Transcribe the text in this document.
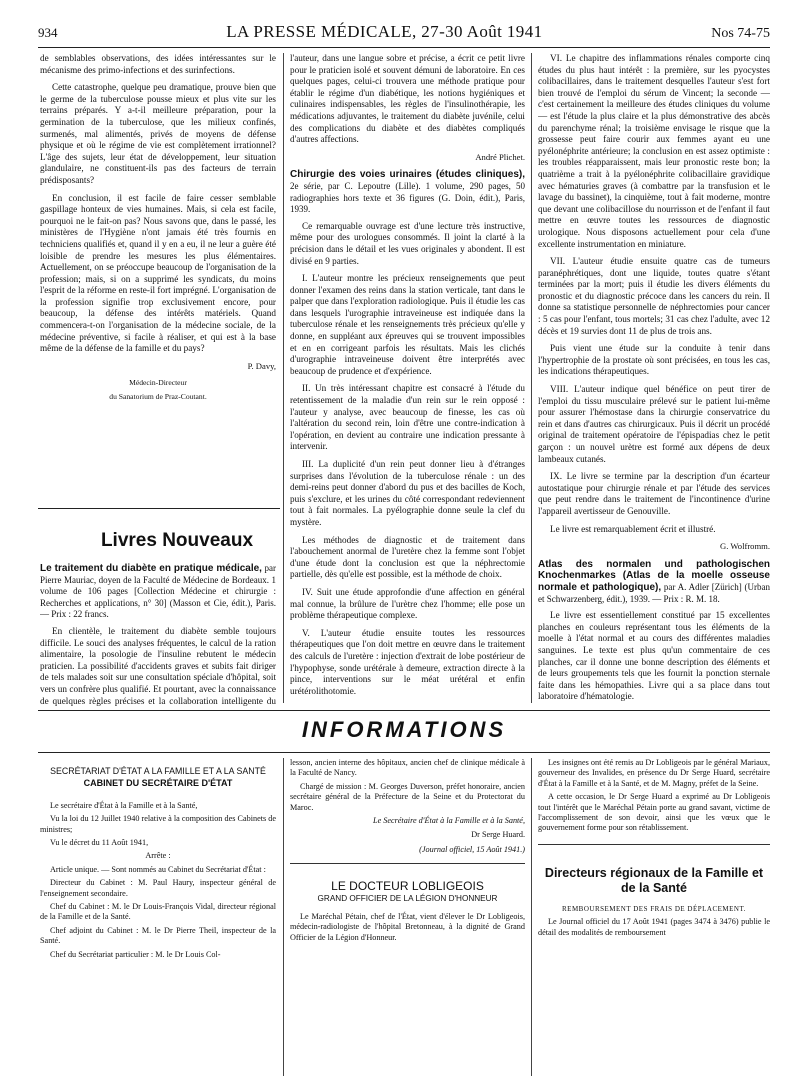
934	LA PRESSE MÉDICALE, 27-30 Août 1941	Nos 74-75

de semblables observations, des idées intéressantes sur le mécanisme des primo-infections et des surinfections.

Cette catastrophe, quelque peu dramatique, prouve bien que le germe de la tuberculose pousse mieux et plus vite sur les terrains préparés. Y a-t-il meilleure préparation, pour la germination de la tuberculose, que les milieux confinés, surmenés, mal alimentés, privés de moyens de défense physique et où le régime de vie est complètement irrationnel? L'âge des sujets, leur état de développement, leur situation glandulaire, ne constituent-ils pas des facteurs de terrain prédisposants?

En conclusion, il est facile de faire cesser semblable gaspillage honteux de vies humaines. Mais, si cela est facile, pourquoi ne le fait-on pas? Nous savons que, dans le passé, les ministères de l'Hygiène n'ont jamais été très fournis en techniciens qualifiés et, quand il y en a eu, il ne leur a guère été loisible de prendre les mesures les plus élémentaires. Actuellement, on se préoccupe beaucoup de l'organisation de la profession; mais, si on a supprimé les syndicats, du moins l'esprit de la réforme en reste-il fort imprégné. L'organisation de la profession signifie trop exclusivement encore, pour beaucoup, la défense des intérêts matériels. Quand commencera-t-on l'organisation de la médecine sociale, de la médecine préventive, si facile à réaliser, et qui est à la base même de la défense de la famille et du pays?

P. Davy,
Médecin-Directeur
du Sanatorium de Praz-Coutant.
Livres Nouveaux
Le traitement du diabète en pratique médicale, par Pierre Mauriac, doyen de la Faculté de Médecine de Bordeaux. 1 volume de 106 pages [Collection Médecine et chirurgie : Recherches et applications, n° 30] (Masson et Cie, édit.), Paris. — Prix : 22 francs.

En clientèle, le traitement du diabète semble toujours difficile. Le souci des analyses fréquentes, le calcul de la ration alimentaire, la posologie de l'insuline rebutent le médecin praticien. La possibilité d'accidents graves et subits fait diriger de tels malades soit sur une consultation spéciale d'hôpital, soit vers un confrère plus qualifié. Et pourtant, avec la connaissance de quelques règles précises et la collaboration intelligente du

l'auteur, dans une langue sobre et précise, a écrit ce petit livre pour le praticien isolé et souvent démuni de laboratoire. En ces quelques pages, celui-ci trouvera une méthode pratique pour établir le régime d'un diabétique, les notions hygiéniques et culinaires indispensables, les règles de l'insulinothérapie, les médications adjuvantes, le traitement du diabète juvénile, celui des complications du diabète et des diabètes compliqués d'autres affections.

André Plichet.
Chirurgie des voies urinaires (études cliniques), 2e série, par C. Lepoutre (Lille). 1 volume, 290 pages, 50 radiographies hors texte et 36 figures (G. Doin, édit.), Paris, 1939.

Ce remarquable ouvrage est d'une lecture très instructive, même pour des urologues consommés. Il joint la clarté à la précision dans le détail et les vues originales y abondent. Il est divisé en 9 parties.

I. L'auteur montre les précieux renseignements que peut donner l'examen des reins dans la station verticale, tant dans le palper que dans l'exploration radiologique. Puis il étudie les cas dans lesquels l'urographie intraveineuse est indiquée dans la tuberculose rénale et les renseignements très précieux qu'elle y donne, en suppléant aux épreuves qui se trouvent impossibles et en en corrigeant parfois les résultats. Mais les clichés d'urographie intraveineuse doivent être interprétés avec beaucoup de prudence et d'expérience.

II. Un très intéressant chapitre est consacré à l'étude du retentissement de la maladie d'un rein sur le rein opposé : l'auteur y analyse, avec beaucoup de finesse, les cas où l'altération du second rein, loin d'être une contre-indication à l'opération, en devient au contraire une indication pressante à intervenir.

III. La duplicité d'un rein peut donner lieu à d'étranges surprises dans l'évolution de la tuberculose rénale : un des demi-reins peut donner d'abord du pus et des bacilles de Koch, puis s'exclure, et les urines du côté correspondant redeviennent tout à fait normales. La pyélographie donne seule la clef du mystère.

Les méthodes de diagnostic et de traitement dans l'abouchement anormal de l'uretère chez la femme sont l'objet d'une étude dont la conclusion est que la néphrectomie partielle, dès qu'elle est possible, est la méthode de choix.

IV. Suit une étude approfondie d'une affection en général mal connue, la brûlure de l'urètre chez l'homme; elle pose un problème thérapeutique complexe.

V. L'auteur étudie ensuite toutes les ressources thérapeutiques que l'on doit mettre en œuvre dans le traitement des calculs de l'uretère : injection d'extrait de lobe postérieur de l'hypophyse, sonde urétérale à demeure, extraction directe à la pince, interventions sur le méat urétéral et enfin urétérolithotomie.

VI. Le chapitre des inflammations rénales comporte cinq études du plus haut intérêt : la première, sur les pyocystes colibacillaires, dans le traitement desquelles l'auteur s'est fort bien trouvé de l'emploi du sérum de Vincent; la seconde — c'est certainement la meilleure des études cliniques du volume — est l'étude la plus claire et la plus démonstrative des abcès du parenchyme rénal; la troisième envisage le risque que la grossesse peut faire courir aux femmes ayant eu une pyélonéphrite antérieure; la conclusion en est assez optimiste : les troubles réapparaissent, mais leur pronostic reste bon; la quatrième a trait à la pyélonéphrite colibacillaire gravidique avec hématuries graves (à combattre par la transfusion et le lavage du bassinet), la cinquième, tout à fait moderne, montre que devant une colibacillose du nourrisson et de l'enfant il faut mettre en œuvre toutes les ressources de diagnostic urologique. Nous disposons actuellement pour cela d'une excellente instrumentation en miniature.

VII. L'auteur étudie ensuite quatre cas de tumeurs paranéphrétiques, dont une liquide, toutes quatre s'étant terminées par la mort; puis il étudie les divers éléments du pronostic et du diagnostic précoce dans les cancers du rein. Il donne sa statistique personnelle de néphrectomies pour cancer : 5 cas pour l'enfant, tous mortels; 31 cas chez l'adulte, avec 12 décès et 19 survies dont 11 de plus de trois ans.

Puis vient une étude sur la conduite à tenir dans l'hypertrophie de la prostate où sont précisées, en tous les cas, les indications thérapeutiques.

VIII. L'auteur indique quel bénéfice on peut tirer de l'emploi du tissu musculaire prélevé sur le patient lui-même pour assurer l'hémostase dans la chirurgie conservatrice du rein et dans d'autres cas chirurgicaux. Puis il décrit un procédé original de traitement opératoire de l'épispadias chez le petit garçon : un nouvel urètre est formé aux dépens de deux lambeaux cutanés.

IX. Le livre se termine par la description d'un écarteur autostatique pour chirurgie rénale et par l'étude des services que peut rendre dans le traitement de l'incontinence d'urine l'appareil avertisseur de Genouville.

Le livre est remarquablement écrit et illustré.

G. Wolfromm.
Atlas des normalen und pathologischen Knochenmarkes (Atlas de la moelle osseuse normale et pathologique), par A. Adler [Zürich] (Urban et Schwarzenberg, édit.), 1939. — Prix : R. M. 18.

Le livre est essentiellement constitué par 15 excellentes planches en couleurs représentant tous les éléments de la moelle à l'état normal et au cours des différentes maladies sanguines. Le texte est plus qu'un commentaire de ces planches, car il donne une bonne description des éléments et de leurs groupements tels que les fournit la ponction sternale faite dans les hémopathies. Livre qui a sa place dans tout laboratoire d'hématologie.

INFORMATIONS
SECRÉTARIAT D'ÉTAT A LA FAMILLE ET A LA SANTÉ
CABINET DU SECRÉTAIRE D'ÉTAT

Le secrétaire d'État à la Famille et à la Santé,

Vu la loi du 12 Juillet 1940 relative à la composition des Cabinets de ministres;

Vu le décret du 11 Août 1941,

Arrête :

Article unique. — Sont nommés au Cabinet du Secrétariat d'État :

Directeur du Cabinet : M. Paul Haury, inspecteur général de l'enseignement secondaire.

Chef du Cabinet : M. le Dr Louis-François Vidal, directeur régional de la Famille et de la Santé.

Chef adjoint du Cabinet : M. le Dr Pierre Theil, inspecteur de la Santé.

Chef du Secrétariat particulier : M. le Dr Louis Col-

lesson, ancien interne des hôpitaux, ancien chef de clinique médicale à la Faculté de Nancy.

Chargé de mission : M. Georges Duverson, préfet honoraire, ancien secrétaire général de la Préfecture de la Seine et du Protectorat du Maroc.

Le Secrétaire d'État à la Famille et à la Santé,

Dr Serge Huard.

(Journal officiel, 15 Août 1941.)

LE DOCTEUR LOBLIGEOIS
GRAND OFFICIER DE LA LÉGION D'HONNEUR

Le Maréchal Pétain, chef de l'État, vient d'élever le Dr Lobligeois, médecin-radiologiste de l'hôpital Bretonneau, à la dignité de Grand Officier de la Légion d'Honneur.

Les insignes ont été remis au Dr Lobligeois par le général Mariaux, gouverneur des Invalides, en présence du Dr Serge Huard, secrétaire d'État à la Famille et à la Santé, et de M. Magny, préfet de la Seine.

A cette occasion, le Dr Serge Huard a exprimé au Dr Lobligeois tout l'intérêt que le Maréchal Pétain porte au grand savant, victime de l'accomplissement de son devoir, ainsi que les vœux que le gouvernement forme pour son rétablissement.

Directeurs régionaux de la Famille et de la Santé
REMBOURSEMENT DES FRAIS DE DÉPLACEMENT.

Le Journal officiel du 17 Août 1941 (pages 3474 à 3476) publie le détail des modalités de remboursement
